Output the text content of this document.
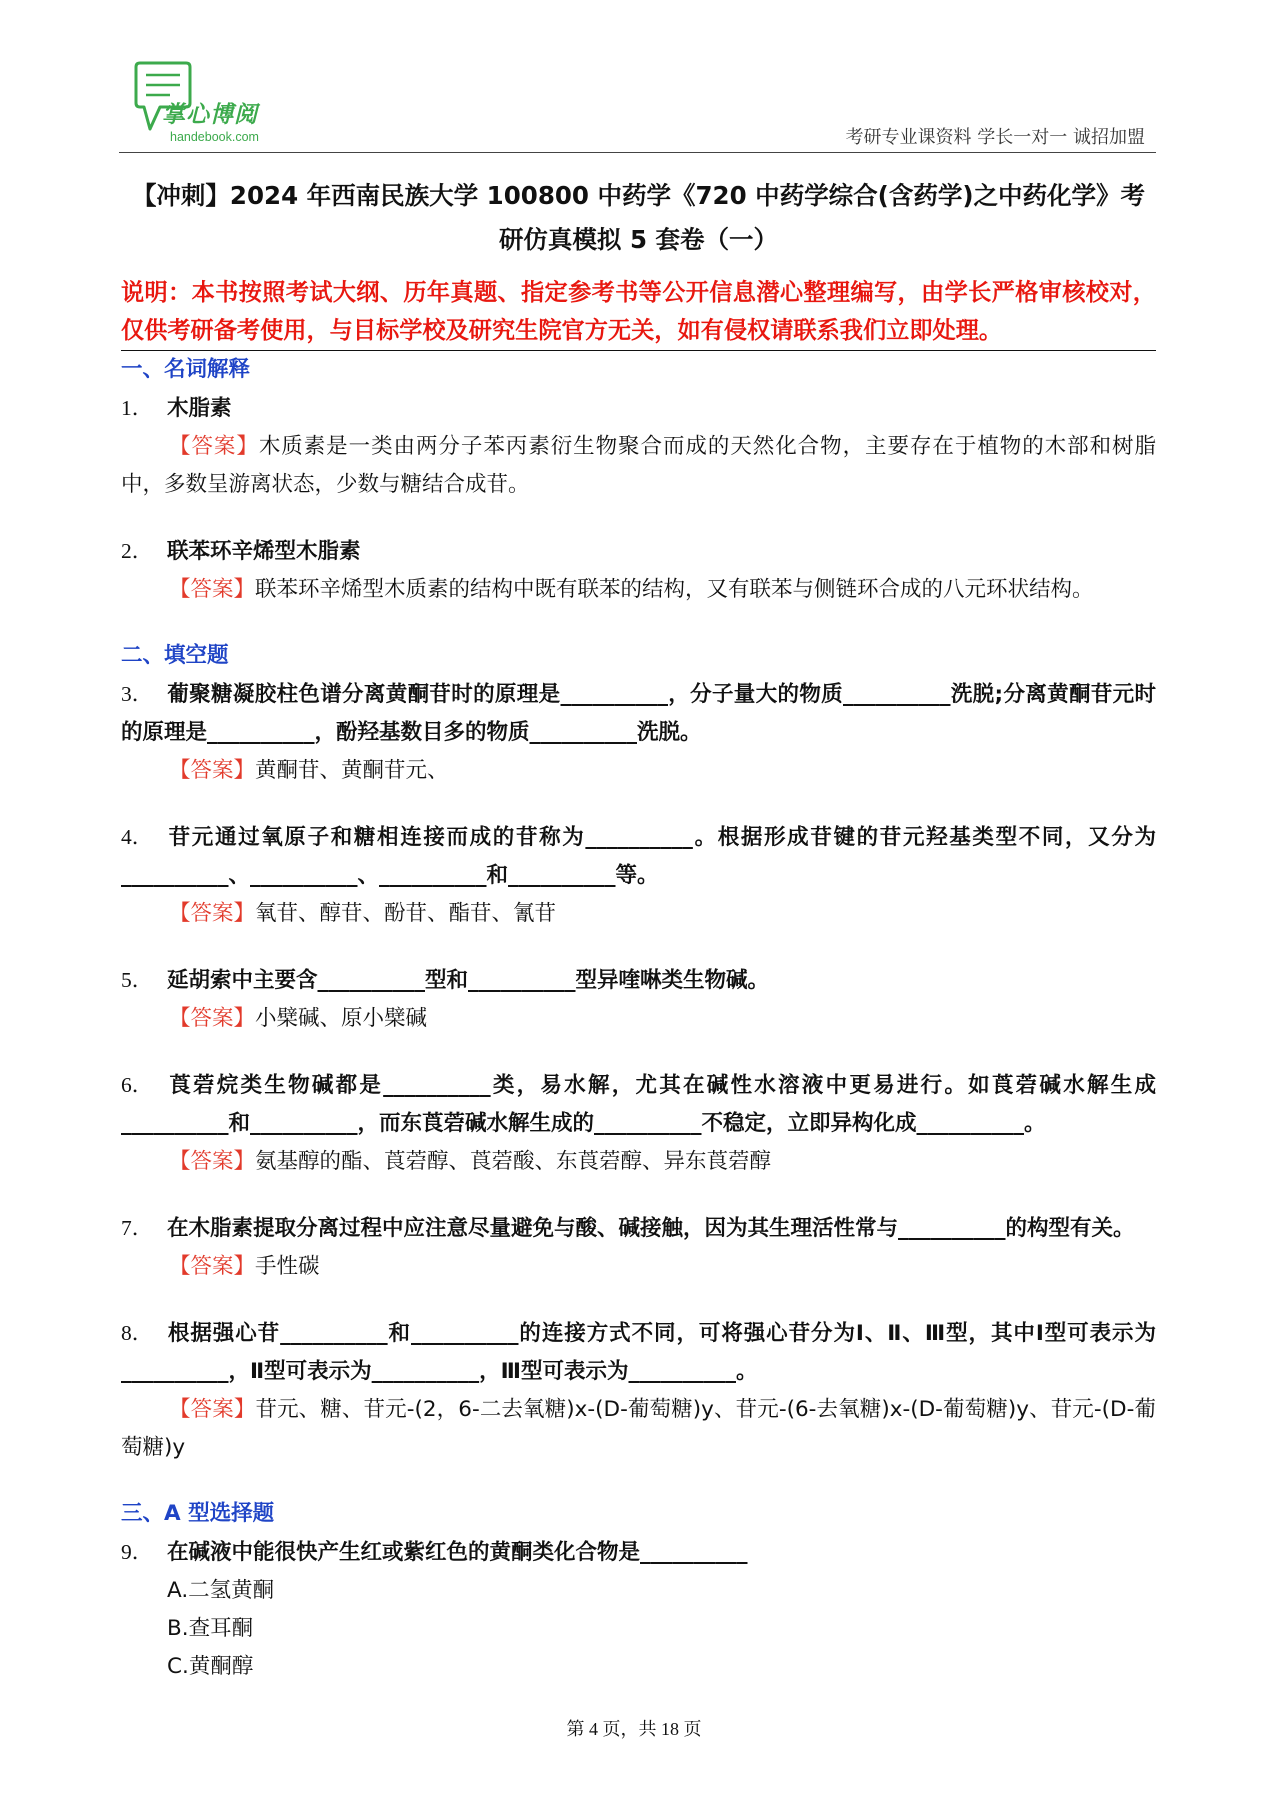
掌心博阅
handebook.com	考研专业课资料 学长一对一 诚招加盟
【冲刺】2024 年西南民族大学 100800 中药学《720 中药学综合(含药学)之中药化学》考
研仿真模拟 5 套卷（一）

说明：本书按照考试大纲、历年真题、指定参考书等公开信息潜心整理编写，由学长严格审核校对，仅供考研备考使用，与目标学校及研究生院官方无关，如有侵权请联系我们立即处理。

一、名词解释

1． 木脂素

【答案】木质素是一类由两分子苯丙素衍生物聚合而成的天然化合物，主要存在于植物的木部和树脂中，多数呈游离状态，少数与糖结合成苷。

2． 联苯环辛烯型木脂素

【答案】联苯环辛烯型木质素的结构中既有联苯的结构，又有联苯与侧链环合成的八元环状结构。

二、填空题

3． 葡聚糖凝胶柱色谱分离黄酮苷时的原理是__________，分子量大的物质__________洗脱;分离黄酮苷元时的原理是__________，酚羟基数目多的物质__________洗脱。

【答案】黄酮苷、黄酮苷元、

4． 苷元通过氧原子和糖相连接而成的苷称为__________。根据形成苷键的苷元羟基类型不同，又分为__________、__________、__________和__________等。

【答案】氧苷、醇苷、酚苷、酯苷、氰苷

5． 延胡索中主要含__________型和__________型异喹啉类生物碱。

【答案】小檗碱、原小檗碱

6． 莨菪烷类生物碱都是__________类，易水解，尤其在碱性水溶液中更易进行。如莨菪碱水解生成__________和__________，而东莨菪碱水解生成的__________不稳定，立即异构化成__________。

【答案】氨基醇的酯、莨菪醇、莨菪酸、东莨菪醇、异东莨菪醇

7． 在木脂素提取分离过程中应注意尽量避免与酸、碱接触，因为其生理活性常与__________的构型有关。

【答案】手性碳

8． 根据强心苷__________和__________的连接方式不同，可将强心苷分为Ⅰ、Ⅱ、Ⅲ型，其中Ⅰ型可表示为__________，Ⅱ型可表示为__________，Ⅲ型可表示为__________。

【答案】苷元、糖、苷元-(2，6-二去氧糖)x-(D-葡萄糖)y、苷元-(6-去氧糖)x-(D-葡萄糖)y、苷元-(D-葡萄糖)y

三、A 型选择题

9． 在碱液中能很快产生红或紫红色的黄酮类化合物是__________

A.二氢黄酮

B.查耳酮

C.黄酮醇

第 4 页，共 18 页
